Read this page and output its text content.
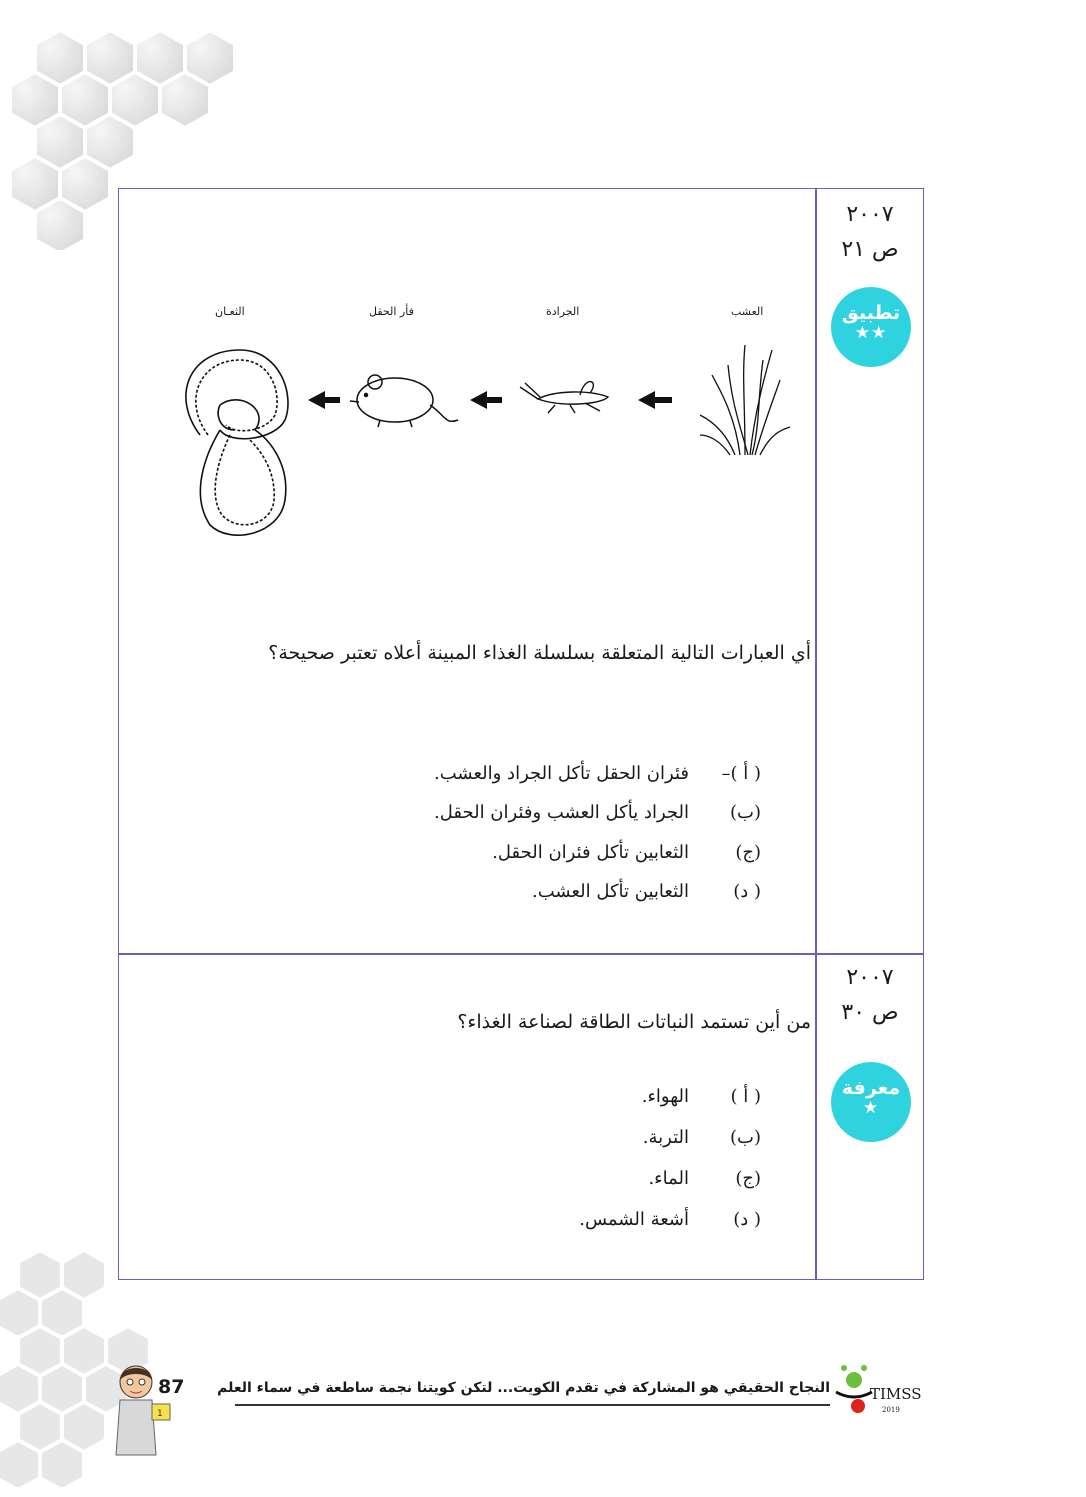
٢٠٠٧
ص ٢١
تطبيق
★★
العشب
الجرادة
فأر الحقل
الثعـان
أي العبارات التالية المتعلقة بسلسلة الغذاء المبينة أعلاه تعتبر صحيحة؟
( أ )–
فئران الحقل تأكل الجراد والعشب.
(ب)
الجراد يأكل العشب وفئران الحقل.
(ج)
الثعابين تأكل فئران الحقل.
( د)
الثعابين تأكل العشب.
٢٠٠٧
ص ٣٠
معرفة
★
من أين تستمد النباتات الطاقة لصناعة الغذاء؟
( أ )
الهواء.
(ب)
التربة.
(ج)
الماء.
( د)
أشعة الشمس.
1
87 النجاح الحقيقي هو المشاركة في تقدم الكويت... لتكن كويتنا نجمة ساطعة في سماء العلم	TIMSS
2019
